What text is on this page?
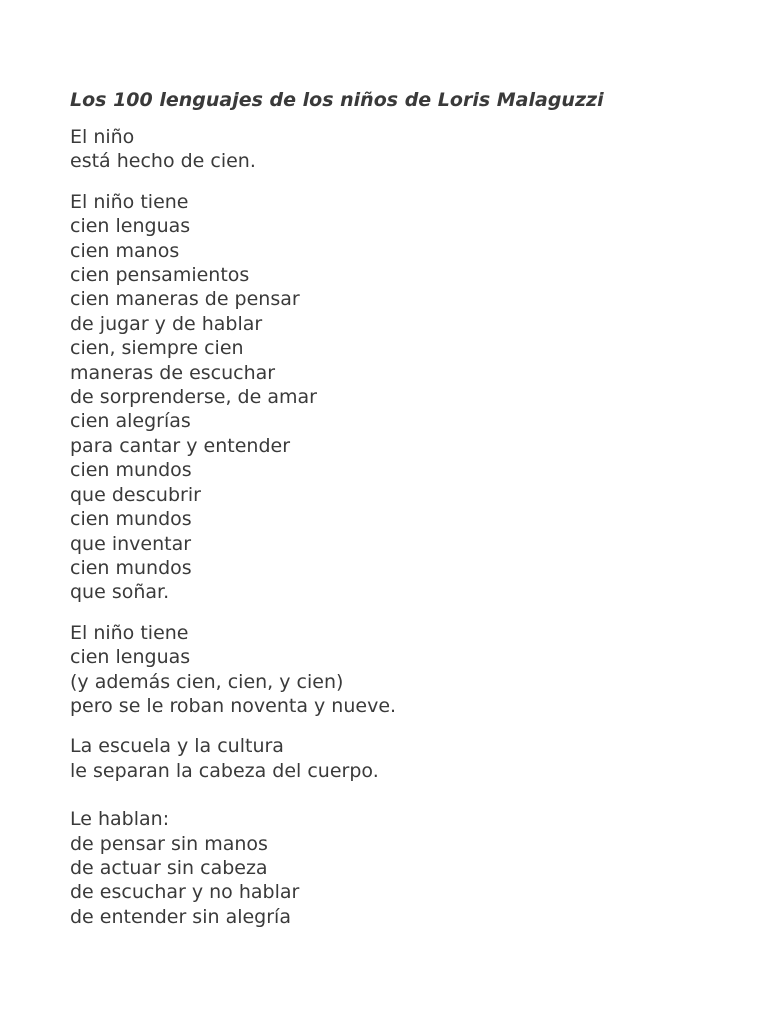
Los 100 lenguajes de los niños de Loris Malaguzzi
El niño
está hecho de cien.
El niño tiene
cien lenguas
cien manos
cien pensamientos
cien maneras de pensar
de jugar y de hablar
cien, siempre cien
maneras de escuchar
de sorprenderse, de amar
cien alegrías
para cantar y entender
cien mundos
que descubrir
cien mundos
que inventar
cien mundos
que soñar.
El niño tiene
cien lenguas
(y además cien, cien, y cien)
pero se le roban noventa y nueve.
La escuela y la cultura
le separan la cabeza del cuerpo.
Le hablan:
de pensar sin manos
de actuar sin cabeza
de escuchar y no hablar
de entender sin alegría
